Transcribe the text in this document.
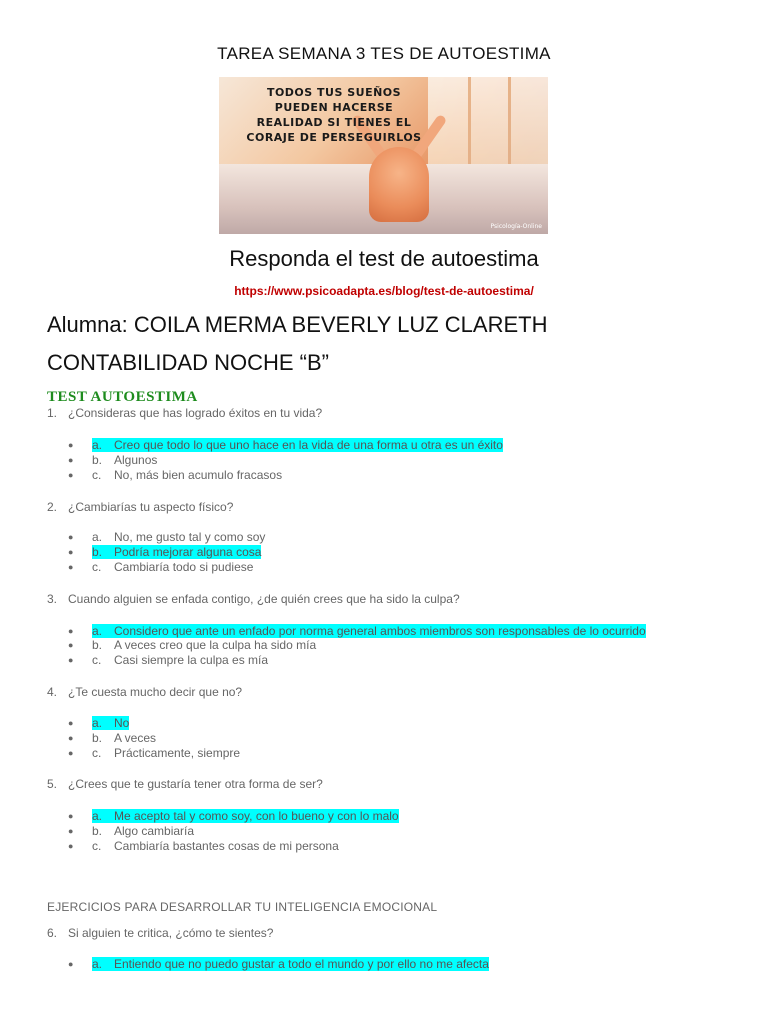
TAREA SEMANA 3 TES DE AUTOESTIMA
TODOS TUS SUEÑOS
PUEDEN HACERSE
REALIDAD SI TIENES EL
CORAJE DE PERSEGUIRLOS
Psicología-Online
Responda el test de autoestima
https://www.psicoadapta.es/blog/test-de-autoestima/
Alumna: COILA MERMA BEVERLY LUZ CLARETH
CONTABILIDAD NOCHE “B”
TEST AUTOESTIMA
1. ¿Consideras que has logrado éxitos en tu vida?
● a. Creo que todo lo que uno hace en la vida de una forma u otra es un éxito
● b. Algunos
● c. No, más bien acumulo fracasos
2. ¿Cambiarías tu aspecto físico?
● a. No, me gusto tal y como soy
● b. Podría mejorar alguna cosa
● c. Cambiaría todo si pudiese
3. Cuando alguien se enfada contigo, ¿de quién crees que ha sido la culpa?
● a. Considero que ante un enfado por norma general ambos miembros son responsables de lo ocurrido
● b. A veces creo que la culpa ha sido mía
● c. Casi siempre la culpa es mía
4. ¿Te cuesta mucho decir que no?
● a. No
● b. A veces
● c. Prácticamente, siempre
5. ¿Crees que te gustaría tener otra forma de ser?
● a. Me acepto tal y como soy, con lo bueno y con lo malo
● b. Algo cambiaría
● c. Cambiaría bastantes cosas de mi persona
EJERCICIOS PARA DESARROLLAR TU INTELIGENCIA EMOCIONAL
6. Si alguien te critica, ¿cómo te sientes?
● a. Entiendo que no puedo gustar a todo el mundo y por ello no me afecta
